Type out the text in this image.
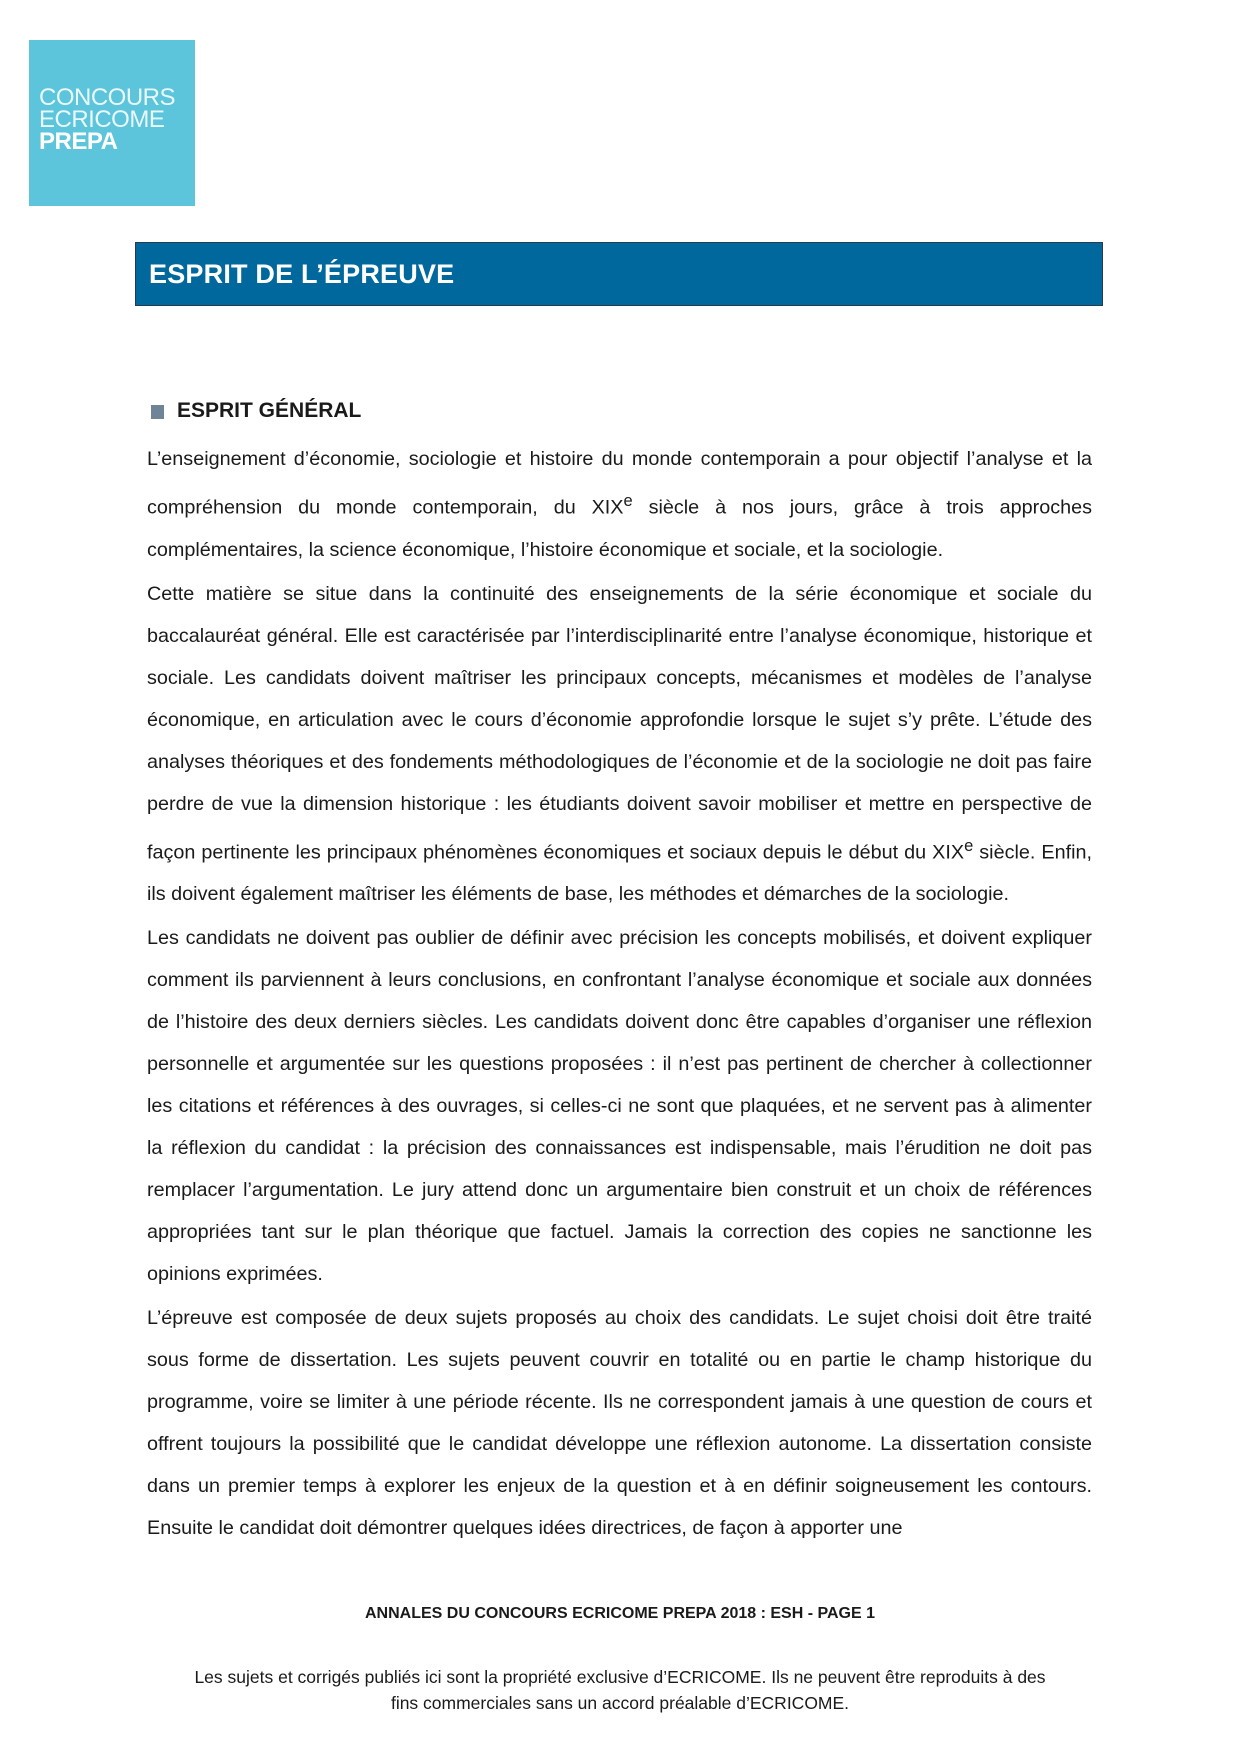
CONCOURS
ECRICOME
PREPA
ESPRIT DE L’ÉPREUVE
ESPRIT GÉNÉRAL

L’enseignement d’économie, sociologie et histoire du monde contemporain a pour objectif l’analyse et la compréhension du monde contemporain, du XIXe siècle à nos jours, grâce à trois approches complémentaires, la science économique, l’histoire économique et sociale, et la sociologie.

Cette matière se situe dans la continuité des enseignements de la série économique et sociale du baccalauréat général. Elle est caractérisée par l’interdisciplinarité entre l’analyse économique, historique et sociale. Les candidats doivent maîtriser les principaux concepts, mécanismes et modèles de l’analyse économique, en articulation avec le cours d’économie approfondie lorsque le sujet s’y prête. L’étude des analyses théoriques et des fondements méthodologiques de l’économie et de la sociologie ne doit pas faire perdre de vue la dimension historique : les étudiants doivent savoir mobiliser et mettre en perspective de façon pertinente les principaux phénomènes économiques et sociaux depuis le début du XIXe siècle. Enfin, ils doivent également maîtriser les éléments de base, les méthodes et démarches de la sociologie.

Les candidats ne doivent pas oublier de définir avec précision les concepts mobilisés, et doivent expliquer comment ils parviennent à leurs conclusions, en confrontant l’analyse économique et sociale aux données de l’histoire des deux derniers siècles. Les candidats doivent donc être capables d’organiser une réflexion personnelle et argumentée sur les questions proposées : il n’est pas pertinent de chercher à collectionner les citations et références à des ouvrages, si celles-ci ne sont que plaquées, et ne servent pas à alimenter la réflexion du candidat : la précision des connaissances est indispensable, mais l’érudition ne doit pas remplacer l’argumentation. Le jury attend donc un argumentaire bien construit et un choix de références appropriées tant sur le plan théorique que factuel. Jamais la correction des copies ne sanctionne les opinions exprimées.

L’épreuve est composée de deux sujets proposés au choix des candidats. Le sujet choisi doit être traité sous forme de dissertation. Les sujets peuvent couvrir en totalité ou en partie le champ historique du programme, voire se limiter à une période récente. Ils ne correspondent jamais à une question de cours et offrent toujours la possibilité que le candidat développe une réflexion autonome. La dissertation consiste dans un premier temps à explorer les enjeux de la question et à en définir soigneusement les contours. Ensuite le candidat doit démontrer quelques idées directrices, de façon à apporter une

ANNALES DU CONCOURS ECRICOME PREPA 2018 : ESH - PAGE 1
Les sujets et corrigés publiés ici sont la propriété exclusive d’ECRICOME. Ils ne peuvent être reproduits à des
fins commerciales sans un accord préalable d’ECRICOME.
